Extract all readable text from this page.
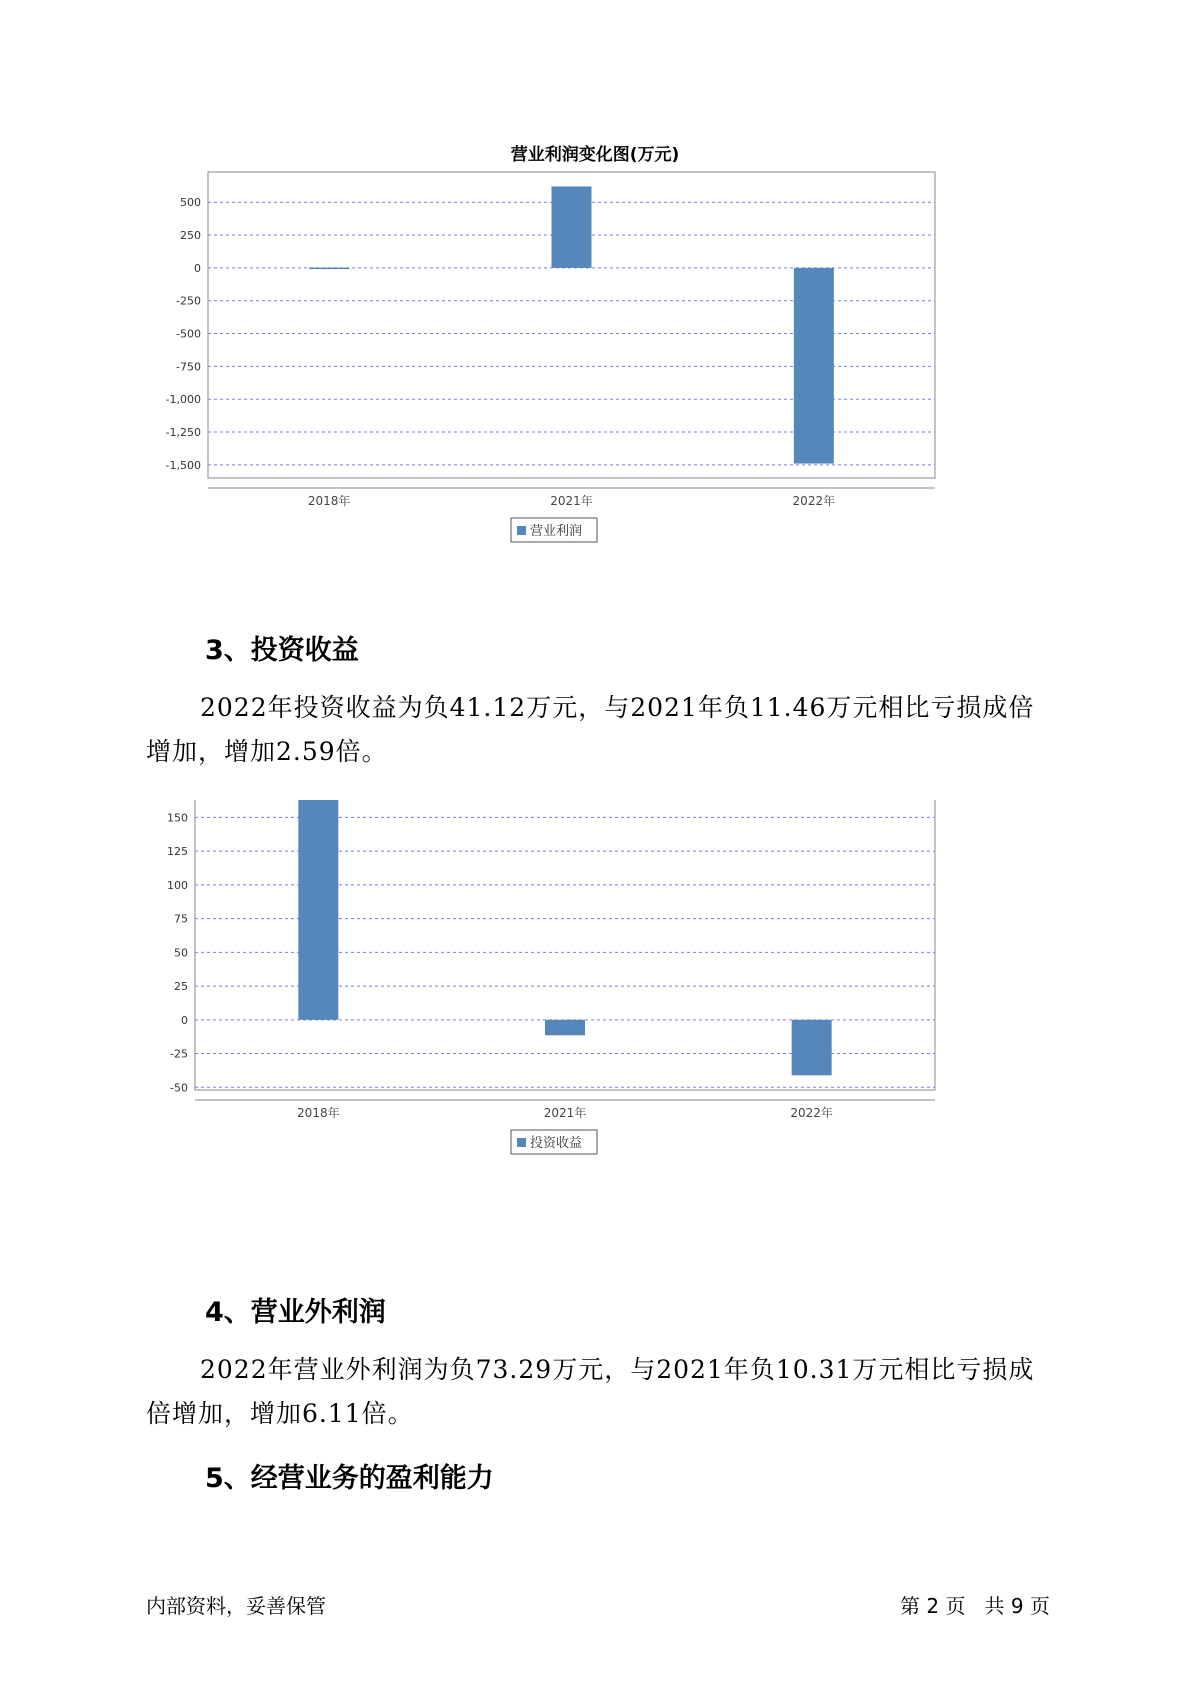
营业利润变化图(万元)
500
250
0
-250
-500
-750
-1,000
-1,250
-1,500
2018年	2021年	2022年
营业利润
3、投资收益

2022年投资收益为负41.12万元，与2021年负11.46万元相比亏损成倍增加，增加2.59倍。

150
125
100
75
50
25
0
-25
-50
2018年	2021年	2022年
投资收益
4、营业外利润

2022年营业外利润为负73.29万元，与2021年负10.31万元相比亏损成倍增加，增加6.11倍。

5、经营业务的盈利能力
内部资料，妥善保管	第 2 页   共 9 页
